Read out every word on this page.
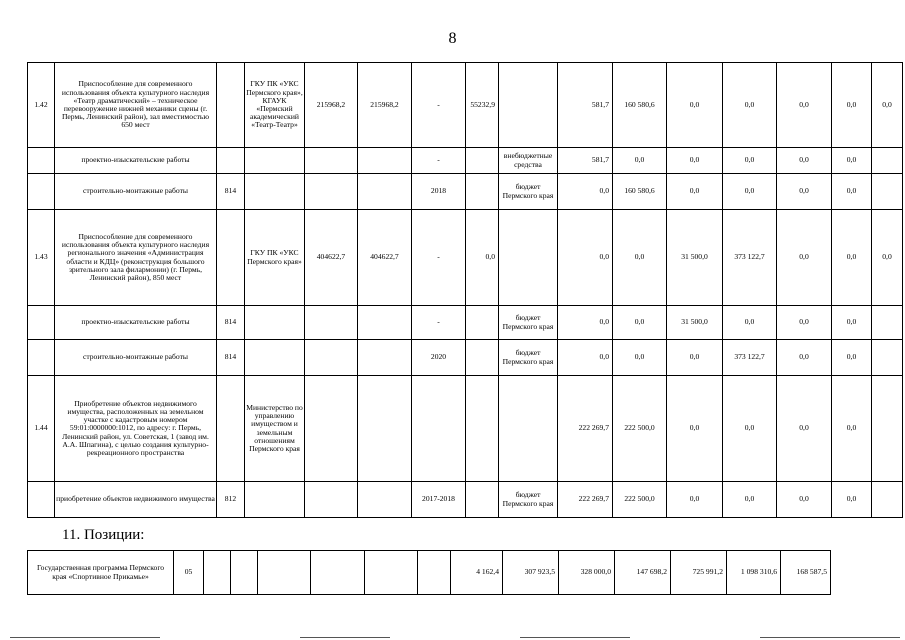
8
1.42	Приспособление для современного использования объекта культурного наследия «Театр драматический» – техническое перевооружение нижней механики сцены (г. Пермь, Ленинский район), зал вместимостью 650 мест		ГКУ ПК «УКС Пермского края», КГАУК «Пермский академический «Театр-Театр»	215968,2	215968,2	-	55232,9		581,7	160 580,6	0,0	0,0	0,0	0,0	0,0
	проектно-изыскательские работы					-		внебюджетные средства	581,7	0,0	0,0	0,0	0,0	0,0	
	строительно-монтажные работы	814				2018		бюджет Пермского края	0,0	160 580,6	0,0	0,0	0,0	0,0	
1.43	Приспособление для современного использования объекта культурного наследия регионального значения «Администрация области и КДЦ» (реконструкция большого зрительного зала филармонии) (г. Пермь, Ленинский район), 850 мест		ГКУ ПК «УКС Пермского края»	404622,7	404622,7	-	0,0		0,0	0,0	31 500,0	373 122,7	0,0	0,0	0,0
	проектно-изыскательские работы	814				-		бюджет Пермского края	0,0	0,0	31 500,0	0,0	0,0	0,0	
	строительно-монтажные работы	814				2020		бюджет Пермского края	0,0	0,0	0,0	373 122,7	0,0	0,0	
1.44	Приобретение объектов недвижимого имущества, расположенных на земельном участке с кадастровым номером 59:01:0000000:1012, по адресу: г. Пермь, Ленинский район, ул. Советская, 1 (завод им. А.А. Шпагина), с целью создания культурно-рекреационного пространства		Министерство по управлению имуществом и земельным отношениям Пермского края						222 269,7	222 500,0	0,0	0,0	0,0	0,0	
	приобретение объектов недвижимого имущества	812				2017-2018		бюджет Пермского края	222 269,7	222 500,0	0,0	0,0	0,0	0,0	
11. Позиции:
Государственная программа Пермского края «Спортивное Прикамье»	05							4 162,4	307 923,5	328 000,0	147 698,2	725 991,2	1 098 310,6	168 587,5
